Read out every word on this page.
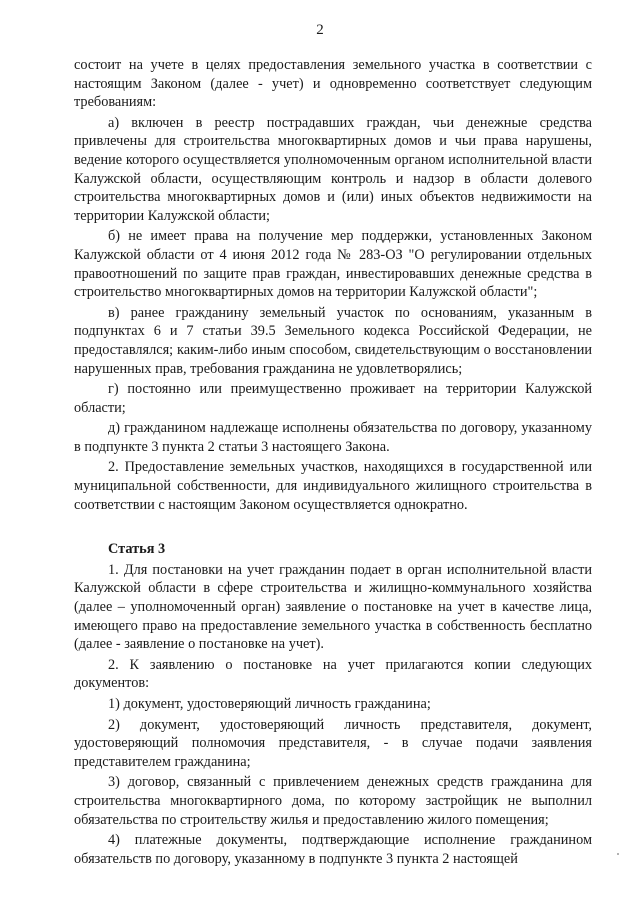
2

состоит на учете в целях предоставления земельного участка в соответствии с настоящим Законом (далее - учет) и одновременно соответствует следующим требованиям:

а) включен в реестр пострадавших граждан, чьи денежные средства привлечены для строительства многоквартирных домов и чьи права нарушены, ведение которого осуществляется уполномоченным органом исполнительной власти Калужской области, осуществляющим контроль и надзор в области долевого строительства многоквартирных домов и (или) иных объектов недвижимости на территории Калужской области;

б) не имеет права на получение мер поддержки, установленных Законом Калужской области от 4 июня 2012 года № 283-ОЗ "О регулировании отдельных правоотношений по защите прав граждан, инвестировавших денежные средства в строительство многоквартирных домов на территории Калужской области";

в) ранее гражданину земельный участок по основаниям, указанным в подпунктах 6 и 7 статьи 39.5 Земельного кодекса Российской Федерации, не предоставлялся; каким-либо иным способом, свидетельствующим о восстановлении нарушенных прав, требования гражданина не удовлетворялись;

г) постоянно или преимущественно проживает на территории Калужской области;

д) гражданином надлежаще исполнены обязательства по договору, указанному в подпункте 3 пункта 2 статьи 3 настоящего Закона.

2. Предоставление земельных участков, находящихся в государственной или муниципальной собственности, для индивидуального жилищного строительства в соответствии с настоящим Законом осуществляется однократно.

Статья 3

1. Для постановки на учет гражданин подает в орган исполнительной власти Калужской области в сфере строительства и жилищно-коммунального хозяйства (далее – уполномоченный орган) заявление о постановке на учет в качестве лица, имеющего право на предоставление земельного участка в собственность бесплатно (далее - заявление о постановке на учет).

2. К заявлению о постановке на учет прилагаются копии следующих документов:

1) документ, удостоверяющий личность гражданина;

2) документ, удостоверяющий личность представителя, документ, удостоверяющий полномочия представителя, - в случае подачи заявления представителем гражданина;

3) договор, связанный с привлечением денежных средств гражданина для строительства многоквартирного дома, по которому застройщик не выполнил обязательства по строительству жилья и предоставлению жилого помещения;

4) платежные документы, подтверждающие исполнение гражданином обязательств по договору, указанному в подпункте 3 пункта 2 настоящей
